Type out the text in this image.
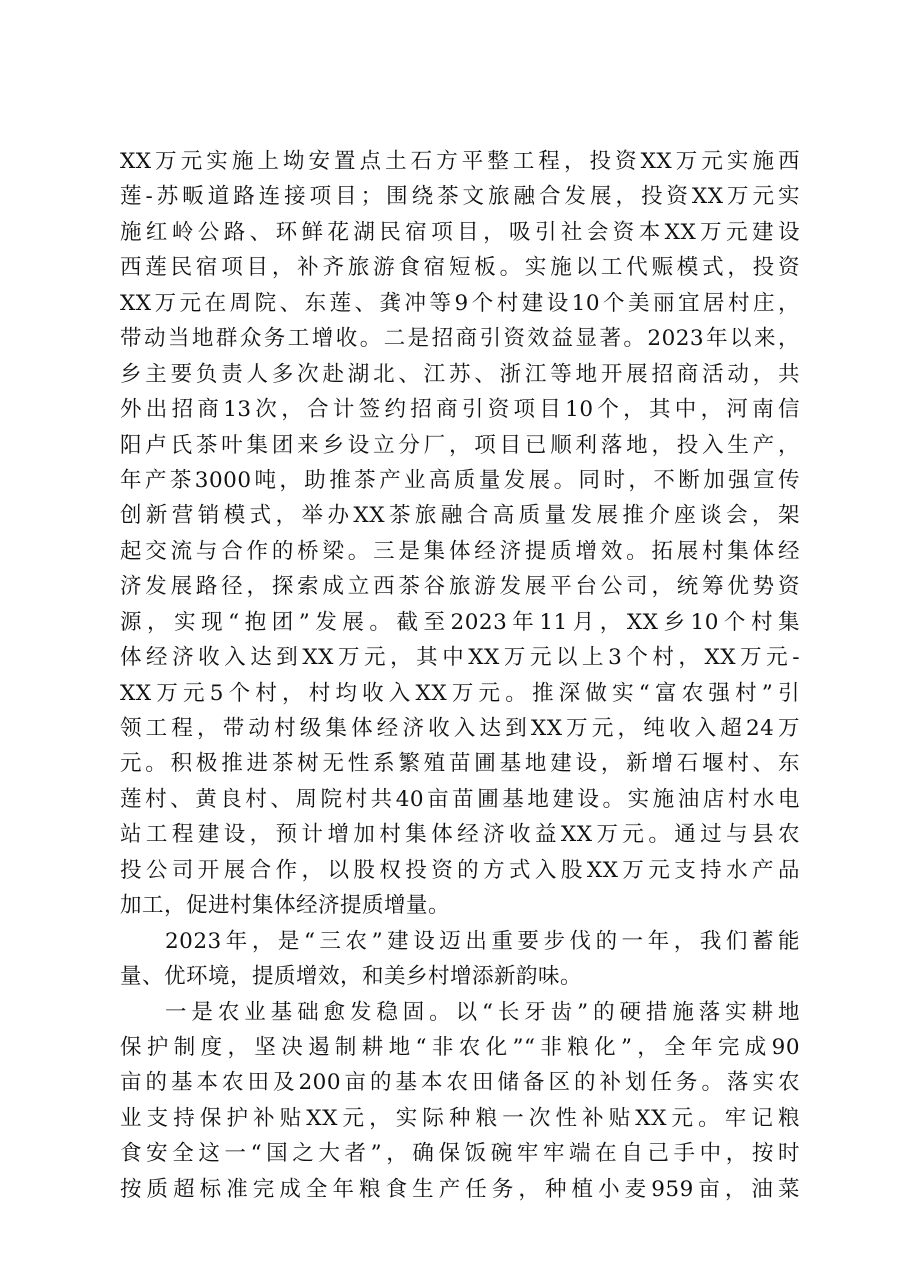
XX万元实施上坳安置点土石方平整工程，投资XX万元实施西
莲-苏畈道路连接项目；围绕茶文旅融合发展，投资XX万元实
施红岭公路、环鲜花湖民宿项目，吸引社会资本XX万元建设
西莲民宿项目，补齐旅游食宿短板。实施以工代赈模式，投资
XX万元在周院、东莲、龚冲等9个村建设10个美丽宜居村庄，
带动当地群众务工增收。二是招商引资效益显著。2023年以来，
乡主要负责人多次赴湖北、江苏、浙江等地开展招商活动，共
外出招商13次，合计签约招商引资项目10个，其中，河南信
阳卢氏茶叶集团来乡设立分厂，项目已顺利落地，投入生产，
年产茶3000吨，助推茶产业高质量发展。同时，不断加强宣传
创新营销模式，举办XX茶旅融合高质量发展推介座谈会，架
起交流与合作的桥梁。三是集体经济提质增效。拓展村集体经
济发展路径，探索成立西茶谷旅游发展平台公司，统筹优势资
源，实现“抱团”发展。截至2023年11月，XX乡10个村集
体经济收入达到XX万元，其中XX万元以上3个村，XX万元-
XX万元5个村，村均收入XX万元。推深做实“富农强村”引
领工程，带动村级集体经济收入达到XX万元，纯收入超24万
元。积极推进茶树无性系繁殖苗圃基地建设，新增石堰村、东
莲村、黄良村、周院村共40亩苗圃基地建设。实施油店村水电
站工程建设，预计增加村集体经济收益XX万元。通过与县农
投公司开展合作，以股权投资的方式入股XX万元支持水产品
加工，促进村集体经济提质增量。
2023年，是“三农”建设迈出重要步伐的一年，我们蓄能
量、优环境，提质增效，和美乡村增添新韵味。
一是农业基础愈发稳固。以“长牙齿”的硬措施落实耕地
保护制度，坚决遏制耕地“非农化”“非粮化”，全年完成90
亩的基本农田及200亩的基本农田储备区的补划任务。落实农
业支持保护补贴XX元，实际种粮一次性补贴XX元。牢记粮
食安全这一“国之大者”，确保饭碗牢牢端在自己手中，按时
按质超标准完成全年粮食生产任务，种植小麦959亩，油菜
